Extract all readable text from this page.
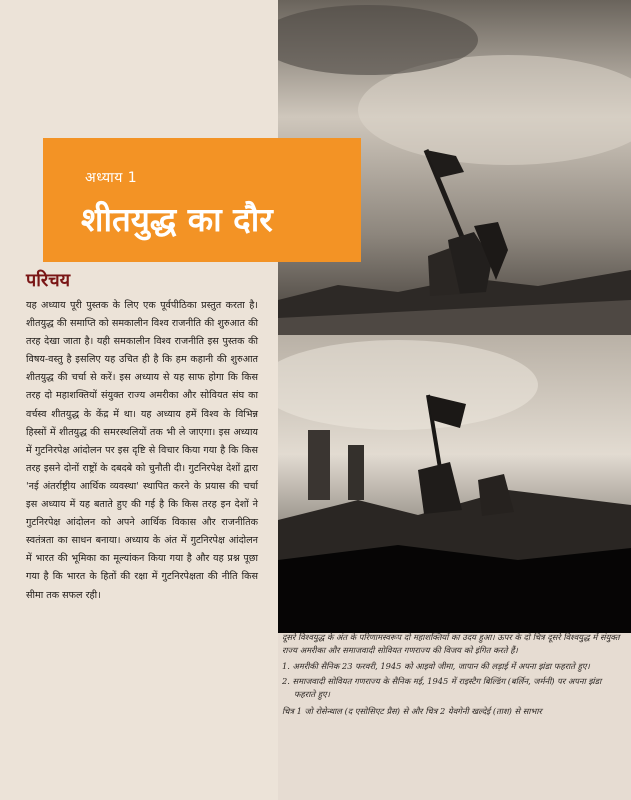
अध्याय 1
शीतयुद्ध का दौर
परिचय

यह अध्याय पूरी पुस्तक के लिए एक पूर्वपीठिका प्रस्तुत करता है। शीतयुद्ध की समाप्ति को समकालीन विश्व राजनीति की शुरुआत की तरह देखा जाता है। यही समकालीन विश्व राजनीति इस पुस्तक की विषय-वस्तु है इसलिए यह उचित ही है कि हम कहानी की शुरुआत शीतयुद्ध की चर्चा से करें। इस अध्याय से यह साफ होगा कि किस तरह दो महाशक्तियों संयुक्त राज्य अमरीका और सोवियत संघ का वर्चस्व शीतयुद्ध के केंद्र में था। यह अध्याय हमें विश्व के विभिन्न हिस्सों में शीतयुद्ध की समरस्थलियों तक भी ले जाएगा। इस अध्याय में गुटनिरपेक्ष आंदोलन पर इस दृष्टि से विचार किया गया है कि किस तरह इसने दोनों राष्ट्रों के दबदबे को चुनौती दी। गुटनिरपेक्ष देशों द्वारा 'नई अंतर्राष्ट्रीय आर्थिक व्यवस्था' स्थापित करने के प्रयास की चर्चा इस अध्याय में यह बताते हुए की गई है कि किस तरह इन देशों ने गुटनिरपेक्ष आंदोलन को अपने आर्थिक विकास और राजनीतिक स्वतंत्रता का साधन बनाया। अध्याय के अंत में गुटनिरपेक्ष आंदोलन में भारत की भूमिका का मूल्यांकन किया गया है और यह प्रश्न पूछा गया है कि भारत के हितों की रक्षा में गुटनिरपेक्षता की नीति किस सीमा तक सफल रही।

दूसरे विश्वयुद्ध के अंत के परिणामस्वरूप दो महाशक्तियों का उदय हुआ। ऊपर के दो चित्र दूसरे विश्वयुद्ध में संयुक्त राज्य अमरीका और समाजवादी सोवियत गणराज्य की विजय को इंगित करते हैं।

1. अमरीकी सैनिक 23 फरवरी, 1945 को आइवो जीमा, जापान की लड़ाई में अपना झंडा फहराते हुए।

2. समाजवादी सोवियत गणराज्य के सैनिक मई, 1945 में राइस्टैग बिल्डिंग (बर्लिन, जर्मनी) पर अपना झंडा फहराते हुए।

चित्र 1 जो रोसेन्थाल (द एसोसिएट प्रैस) से और चित्र 2 येवगेनी खल्देई (ताश) से साभार
